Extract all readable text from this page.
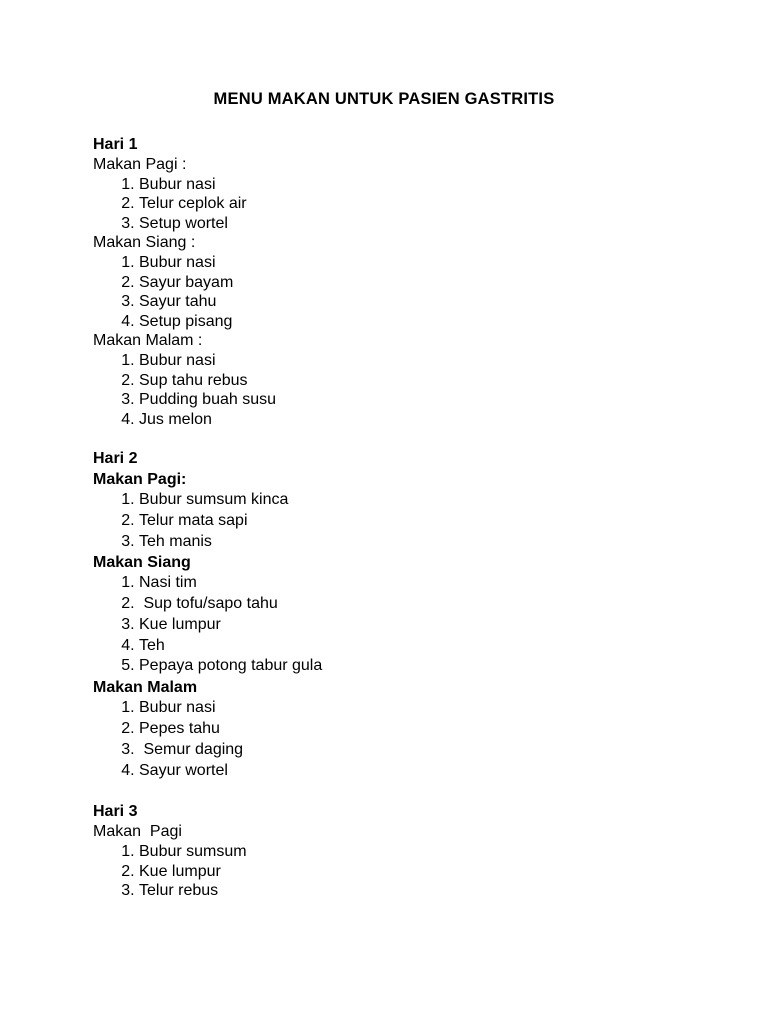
MENU MAKAN UNTUK PASIEN GASTRITIS
Hari 1
Makan Pagi :
1. Bubur nasi
2. Telur ceplok air
3. Setup wortel
Makan Siang :
1. Bubur nasi
2. Sayur bayam
3. Sayur tahu
4. Setup pisang
Makan Malam :
1. Bubur nasi
2. Sup tahu rebus
3. Pudding buah susu
4. Jus melon
Hari 2
Makan Pagi:
1. Bubur sumsum kinca
2. Telur mata sapi
3. Teh manis
Makan Siang
1. Nasi tim
2. Sup tofu/sapo tahu
3. Kue lumpur
4. Teh
5. Pepaya potong tabur gula
Makan Malam
1. Bubur nasi
2. Pepes tahu
3. Semur daging
4. Sayur wortel
Hari 3
Makan  Pagi
1. Bubur sumsum
2. Kue lumpur
3. Telur rebus
